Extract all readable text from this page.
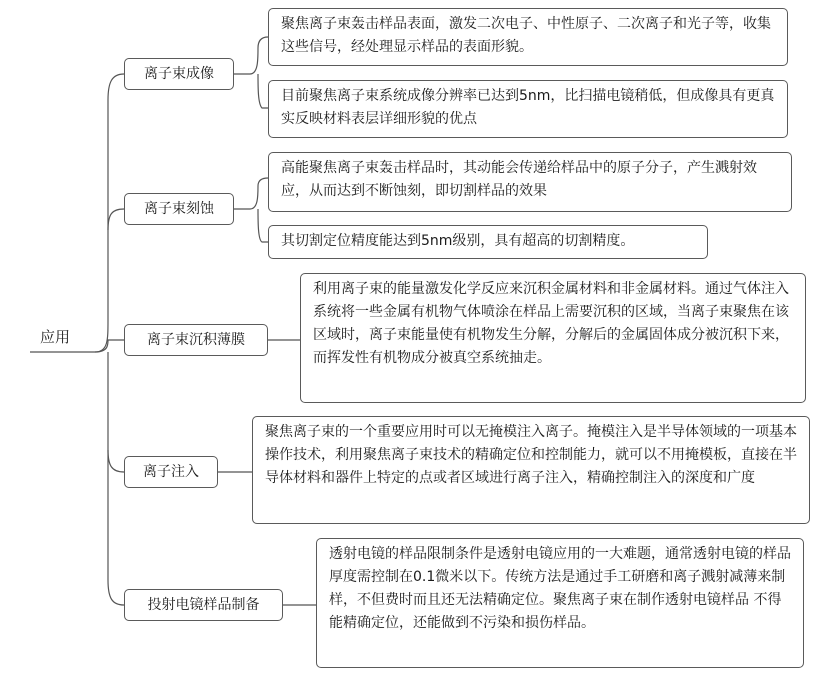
应用
离子束成像
聚焦离子束轰击样品表面，激发二次电子、中性原子、二次离子和光子等，收集这些信号，经处理显示样品的表面形貌。
目前聚焦离子束系统成像分辨率已达到5nm，比扫描电镜稍低，但成像具有更真实反映材料表层详细形貌的优点
离子束刻蚀
高能聚焦离子束轰击样品时，其动能会传递给样品中的原子分子，产生溅射效应，从而达到不断蚀刻，即切割样品的效果
其切割定位精度能达到5nm级别，具有超高的切割精度。
离子束沉积薄膜
利用离子束的能量激发化学反应来沉积金属材料和非金属材料。通过气体注入系统将一些金属有机物气体喷涂在样品上需要沉积的区域，当离子束聚焦在该区域时，离子束能量使有机物发生分解，分解后的金属固体成分被沉积下来，而挥发性有机物成分被真空系统抽走。
离子注入
聚焦离子束的一个重要应用时可以无掩模注入离子。掩模注入是半导体领域的一项基本操作技术，利用聚焦离子束技术的精确定位和控制能力，就可以不用掩模板，直接在半导体材料和器件上特定的点或者区域进行离子注入，精确控制注入的深度和广度
投射电镜样品制备
透射电镜的样品限制条件是透射电镜应用的一大难题，通常透射电镜的样品厚度需控制在0.1微米以下。传统方法是通过手工研磨和离子溅射减薄来制样，不但费时而且还无法精确定位。聚焦离子束在制作透射电镜样品 不得能精确定位，还能做到不污染和损伤样品。
